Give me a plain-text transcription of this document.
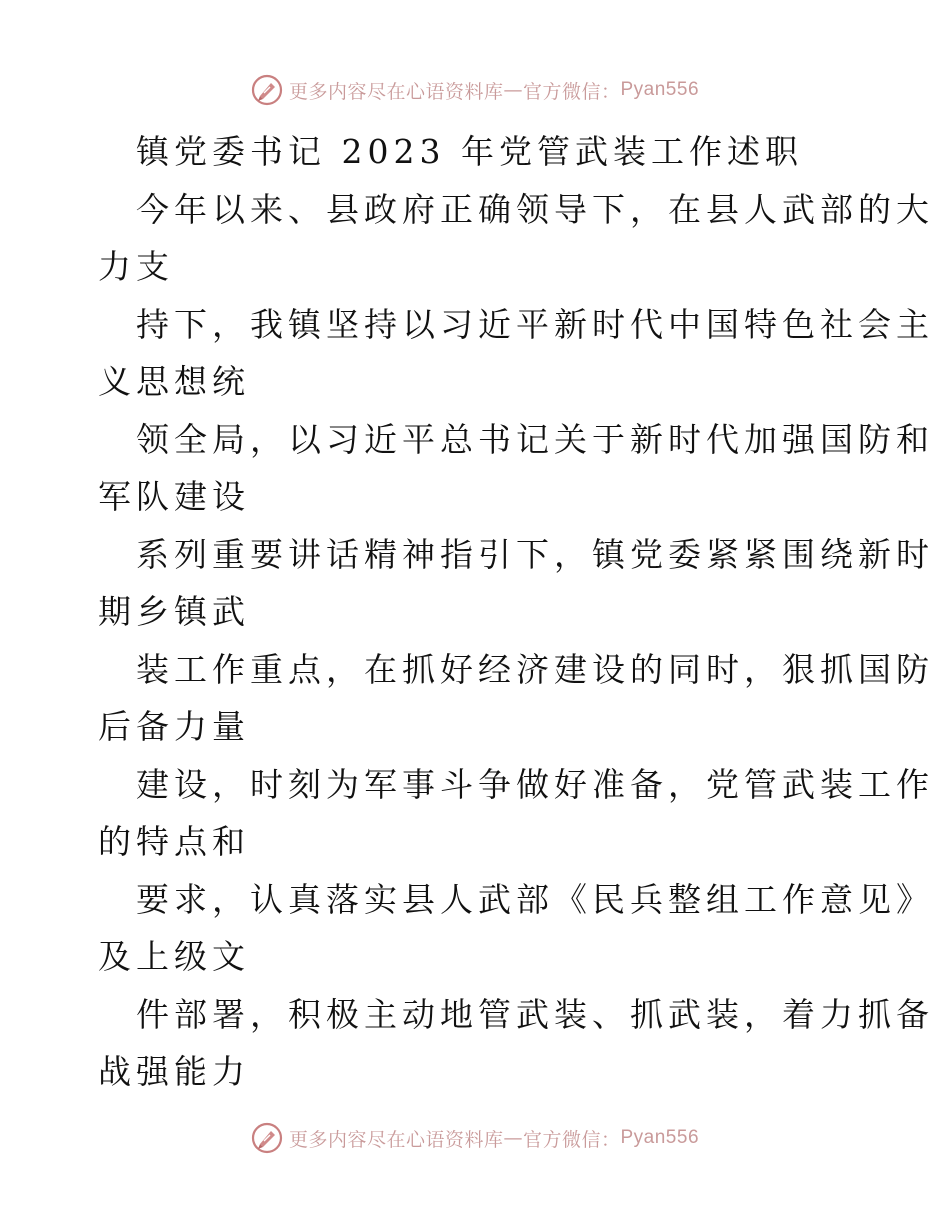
更多内容尽在心语资料库 — 官方微信： Pyan556
镇党委书记 2023 年党管武装工作述职
今年以来、县政府正确领导下，在县人武部的大
力支
持下，我镇坚持以习近平新时代中国特色社会主
义思想统
领全局，以习近平总书记关于新时代加强国防和
军队建设
系列重要讲话精神指引下，镇党委紧紧围绕新时
期乡镇武
装工作重点，在抓好经济建设的同时，狠抓国防
后备力量
建设，时刻为军事斗争做好准备，党管武装工作
的特点和
要求，认真落实县人武部《民兵整组工作意见》
及上级文
件部署，积极主动地管武装、抓武装，着力抓备
战强能力
更多内容尽在心语资料库 — 官方微信： Pyan556
